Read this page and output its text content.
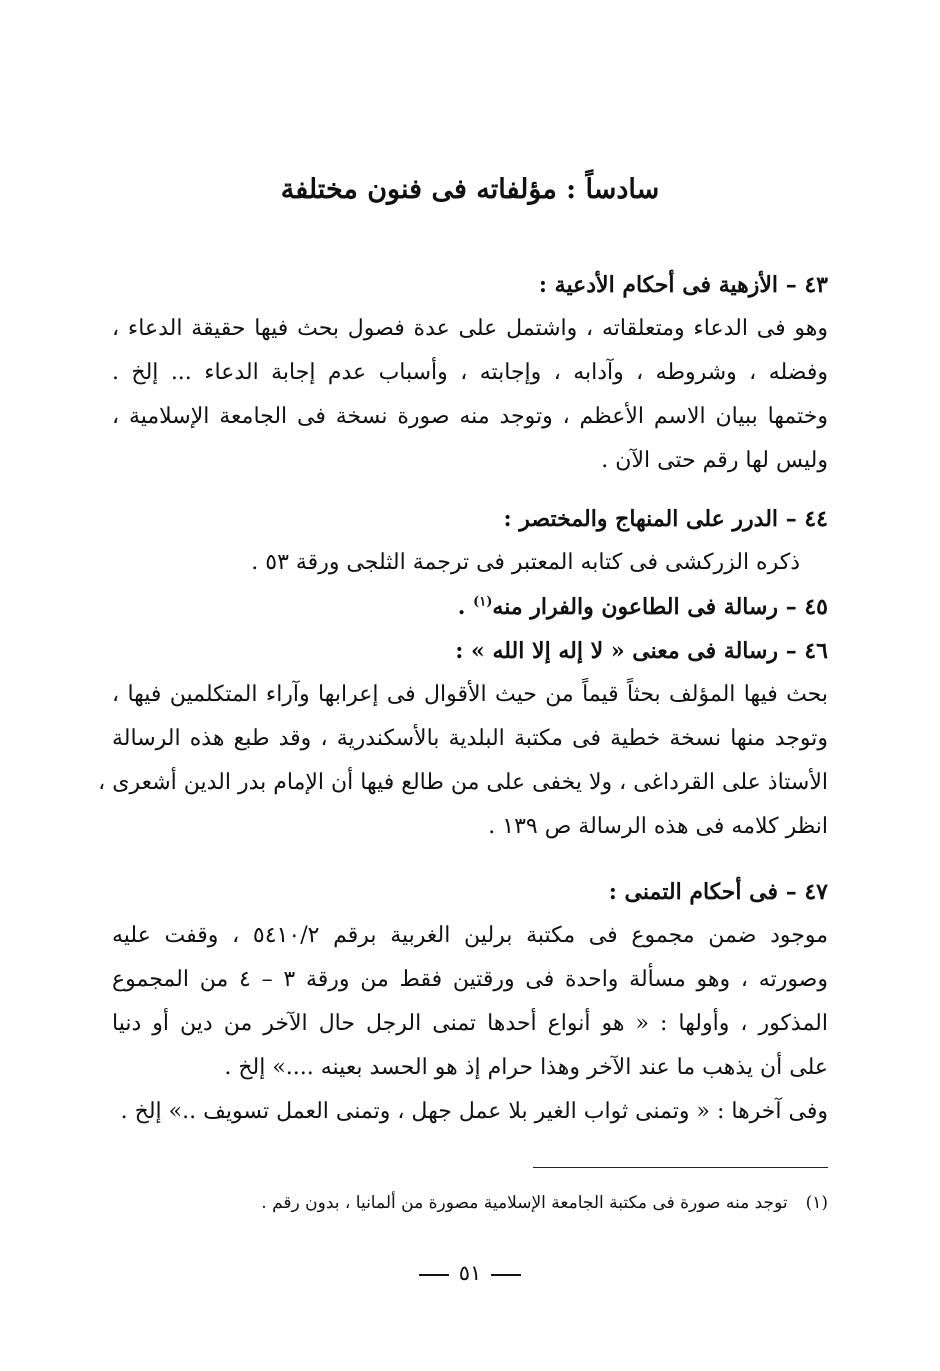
سادساً : مؤلفاته فى فنون مختلفة
٤٣ – الأزهية فى أحكام الأدعية :
وهو فى الدعاء ومتعلقاته ، واشتمل على عدة فصول بحث فيها حقيقة الدعاء ،
وفضله ، وشروطه ، وآدابه ، وإجابته ، وأسباب عدم إجابة الدعاء ... إلخ .
وختمها ببيان الاسم الأعظم ، وتوجد منه صورة نسخة فى الجامعة الإسلامية ،
وليس لها رقم حتى الآن .
٤٤ – الدرر على المنهاج والمختصر :
ذكره الزركشى فى كتابه المعتبر فى ترجمة الثلجى ورقة ٥٣ .
٤٥ – رسالة فى الطاعون والفرار منه$^{(١)}$ .
٤٦ – رسالة فى معنى « لا إله إلا الله » :
بحث فيها المؤلف بحثاً قيماً من حيث الأقوال فى إعرابها وآراء المتكلمين فيها ،
وتوجد منها نسخة خطية فى مكتبة البلدية بالأسكندرية ، وقد طبع هذه الرسالة
الأستاذ على القرداغى ، ولا يخفى على من طالع فيها أن الإمام بدر الدين أشعرى ،
انظر كلامه فى هذه الرسالة ص ١٣٩ .
٤٧ – فى أحكام التمنى :
موجود ضمن مجموع فى مكتبة برلين الغربية برقم ٥٤١٠/٢ ، وقفت عليه
وصورته ، وهو مسألة واحدة فى ورقتين فقط من ورقة ٣ – ٤ من المجموع
المذكور ، وأولها : « هو أنواع أحدها تمنى الرجل حال الآخر من دين أو دنيا
على أن يذهب ما عند الآخر وهذا حرام إذ هو الحسد بعينه ....» إلخ .
وفى آخرها : « وتمنى ثواب الغير بلا عمل جهل ، وتمنى العمل تسويف ..» إلخ .
(١)توجد منه صورة فى مكتبة الجامعة الإسلامية مصورة من ألمانيا ، بدون رقم .
٥١
